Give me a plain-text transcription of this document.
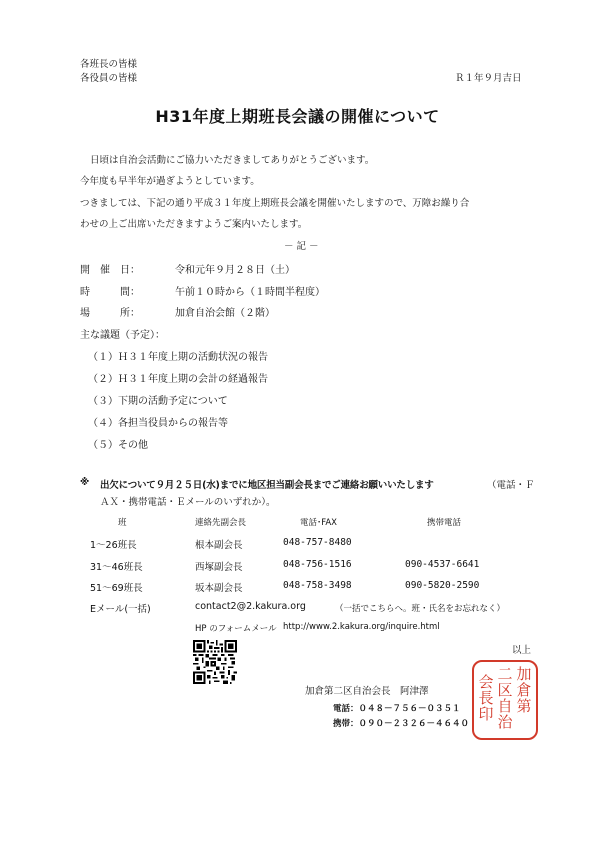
各班長の皆様
各役員の皆様	Ｒ１年９月吉日
H31年度上期班長会議の開催について
日頃は自治会活動にご協力いただきましてありがとうございます。
今年度も早半年が過ぎようとしています。
つきましては、下記の通り平成３１年度上期班長会議を開催いたしますので、万障お繰り合
わせの上ご出席いただきますようご案内いたします。
－ 記 －
開　催　日：	令和元年９月２８日（土）
時　　　間：	午前１０時から（１時間半程度）
場　　　所：	加倉自治会館（２階）
主な議題（予定）：
（１）Ｈ３１年度上期の活動状況の報告
（２）Ｈ３１年度上期の会計の経過報告
（３）下期の活動予定について
（４）各担当役員からの報告等
（５）その他
※ 出欠について９月２５日(水)までに地区担当副会長までご連絡お願いいたします	（電話・Ｆ
ＡＸ・携帯電話・Ｅメールのいずれか）。
班	連絡先副会長	電話･FAX	携帯電話
1～26班長	根本副会長	048-757-8480
31～46班長	西塚副会長	048-756-1516	090-4537-6641
51～69班長	坂本副会長	048-758-3498	090-5820-2590
Eメール(一括)	contact2@2.kakura.org	（一括でこちらへ。班・氏名をお忘れなく）
HP のフォームメール http://www.2.kakura.org/inquire.html
以上
加倉第二区自治会長　阿津澤
電話：０４８－７５６－０３５１
携帯：０９０－２３２６－４６４０
加
倉
第
二
区
自
治
会
長
印
